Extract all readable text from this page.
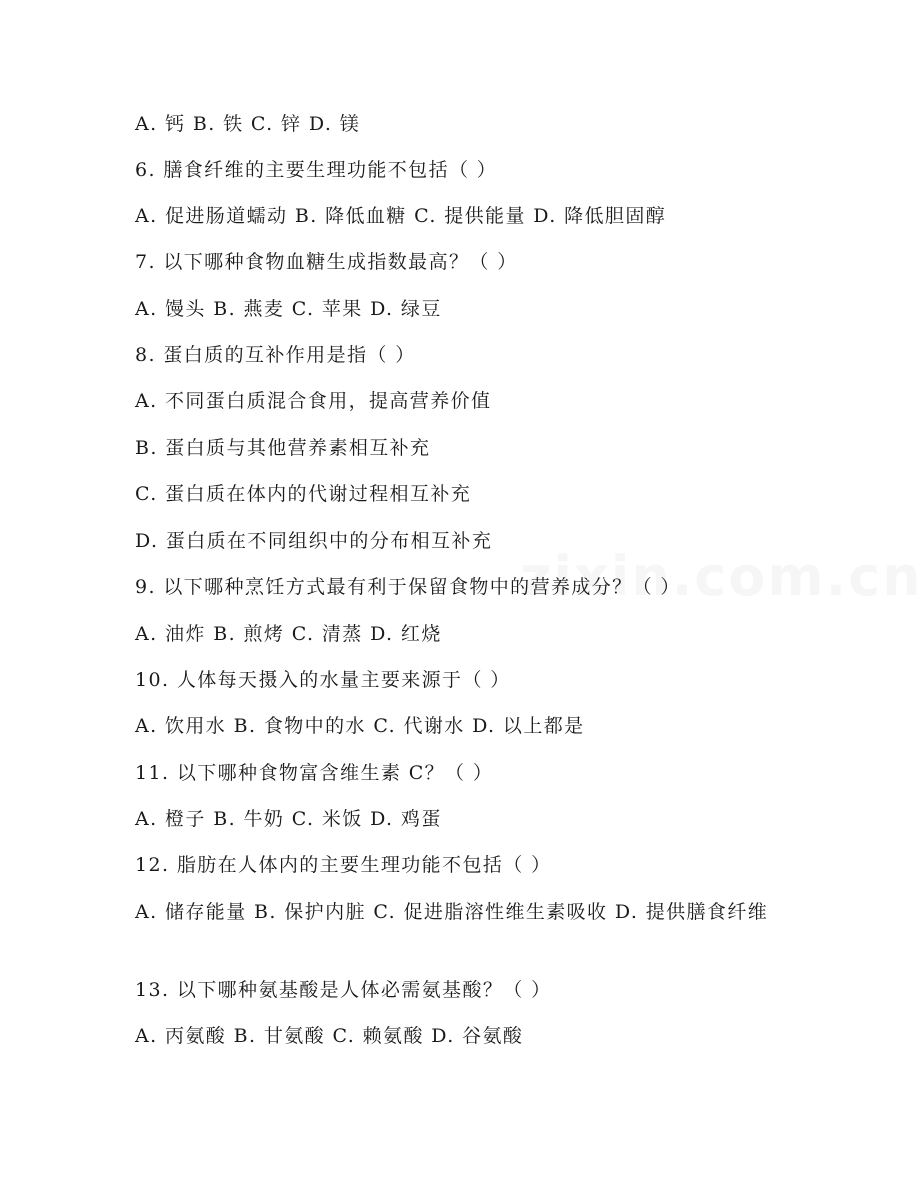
A. 钙 B. 铁 C. 锌 D. 镁
6. 膳食纤维的主要生理功能不包括（ ）
A. 促进肠道蠕动 B. 降低血糖 C. 提供能量 D. 降低胆固醇
7. 以下哪种食物血糖生成指数最高？（ ）
A. 馒头 B. 燕麦 C. 苹果 D. 绿豆
8. 蛋白质的互补作用是指（ ）
A. 不同蛋白质混合食用，提高营养价值
B. 蛋白质与其他营养素相互补充
C. 蛋白质在体内的代谢过程相互补充
D. 蛋白质在不同组织中的分布相互补充
9. 以下哪种烹饪方式最有利于保留食物中的营养成分？（ ）
A. 油炸 B. 煎烤 C. 清蒸 D. 红烧
10. 人体每天摄入的水量主要来源于（ ）
A. 饮用水 B. 食物中的水 C. 代谢水 D. 以上都是
11. 以下哪种食物富含维生素 C？（ ）
A. 橙子 B. 牛奶 C. 米饭 D. 鸡蛋
12. 脂肪在人体内的主要生理功能不包括（ ）
A. 储存能量 B. 保护内脏 C. 促进脂溶性维生素吸收 D. 提供膳食纤维
13. 以下哪种氨基酸是人体必需氨基酸？（ ）
A. 丙氨酸 B. 甘氨酸 C. 赖氨酸 D. 谷氨酸
